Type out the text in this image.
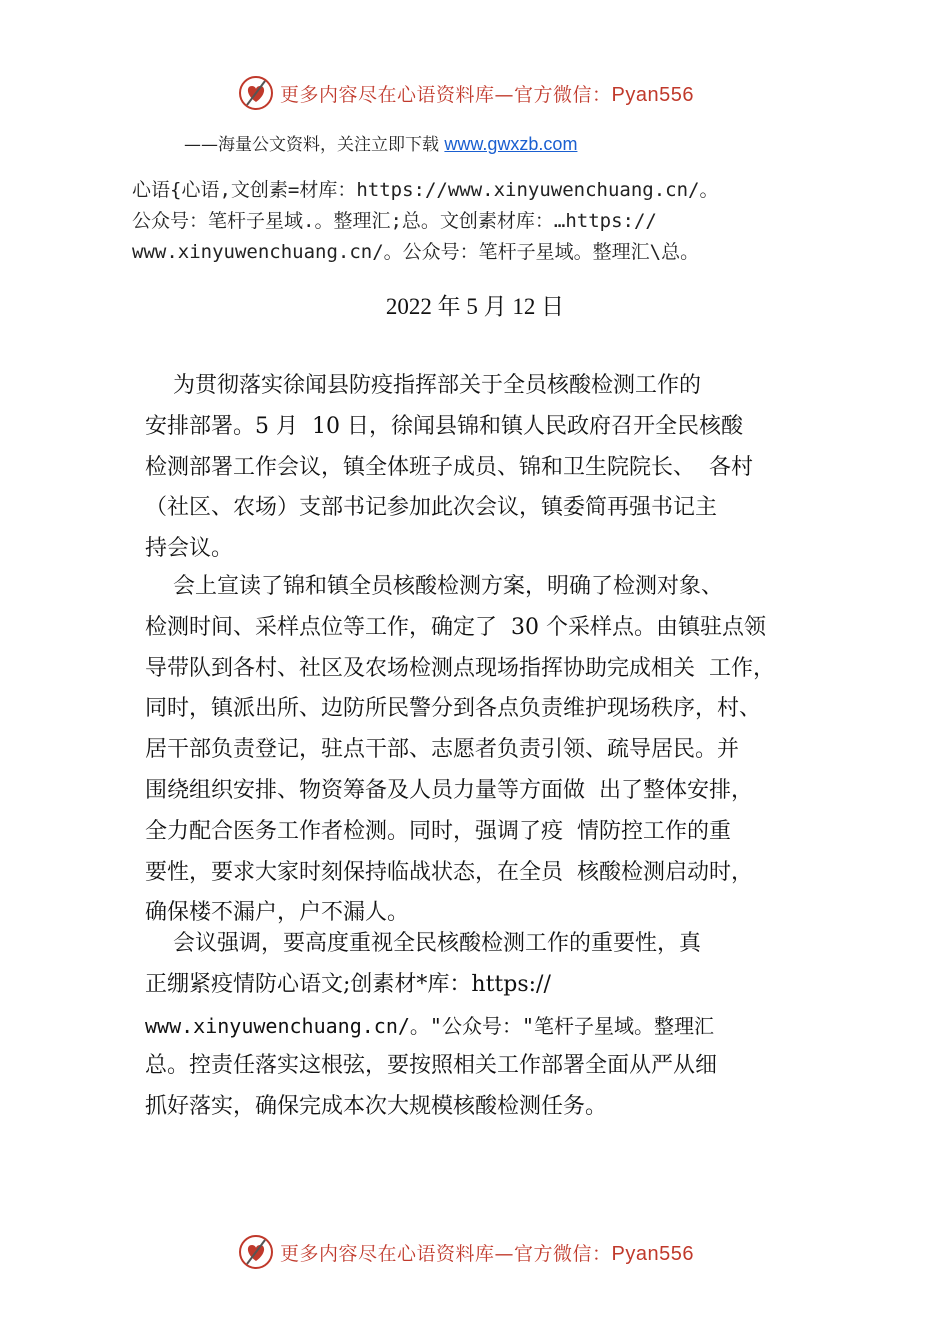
更多内容尽在心语资料库—官方微信：Pyan556
——海量公文资料，关注立即下载 www.gwxzb.com

心语{心语,文创素=材库：https://www.xinyuwenchuang.cn/。

公众号：笔杆子星域.。整理汇;总。文创素材库：…https://

www.xinyuwenchuang.cn/。公众号：笔杆子星域。整理汇\总。

2022 年 5 月 12 日
为贯彻落实徐闻县防疫指挥部关于全员核酸检测工作的
安排部署。5 月  10 日，徐闻县锦和镇人民政府召开全民核酸
检测部署工作会议，镇全体班子成员、锦和卫生院院长、  各村
（社区、农场）支部书记参加此次会议，镇委简再强书记主
持会议。
会上宣读了锦和镇全员核酸检测方案，明确了检测对象、
检测时间、采样点位等工作，确定了  30 个采样点。由镇驻点领
导带队到各村、社区及农场检测点现场指挥协助完成相关  工作，
同时，镇派出所、边防所民警分到各点负责维护现场秩序，村、
居干部负责登记，驻点干部、志愿者负责引领、疏导居民。并
围绕组织安排、物资筹备及人员力量等方面做  出了整体安排，
全力配合医务工作者检测。同时，强调了疫  情防控工作的重
要性，要求大家时刻保持临战状态，在全员  核酸检测启动时，
确保楼不漏户，户不漏人。
会议强调，要高度重视全民核酸检测工作的重要性，真
正绷紧疫情防心语文;创素材*库：https://
www.xinyuwenchuang.cn/。"公众号："笔杆子星域。整理汇
总。控责任落实这根弦，要按照相关工作部署全面从严从细
抓好落实，确保完成本次大规模核酸检测任务。
更多内容尽在心语资料库—官方微信：Pyan556
